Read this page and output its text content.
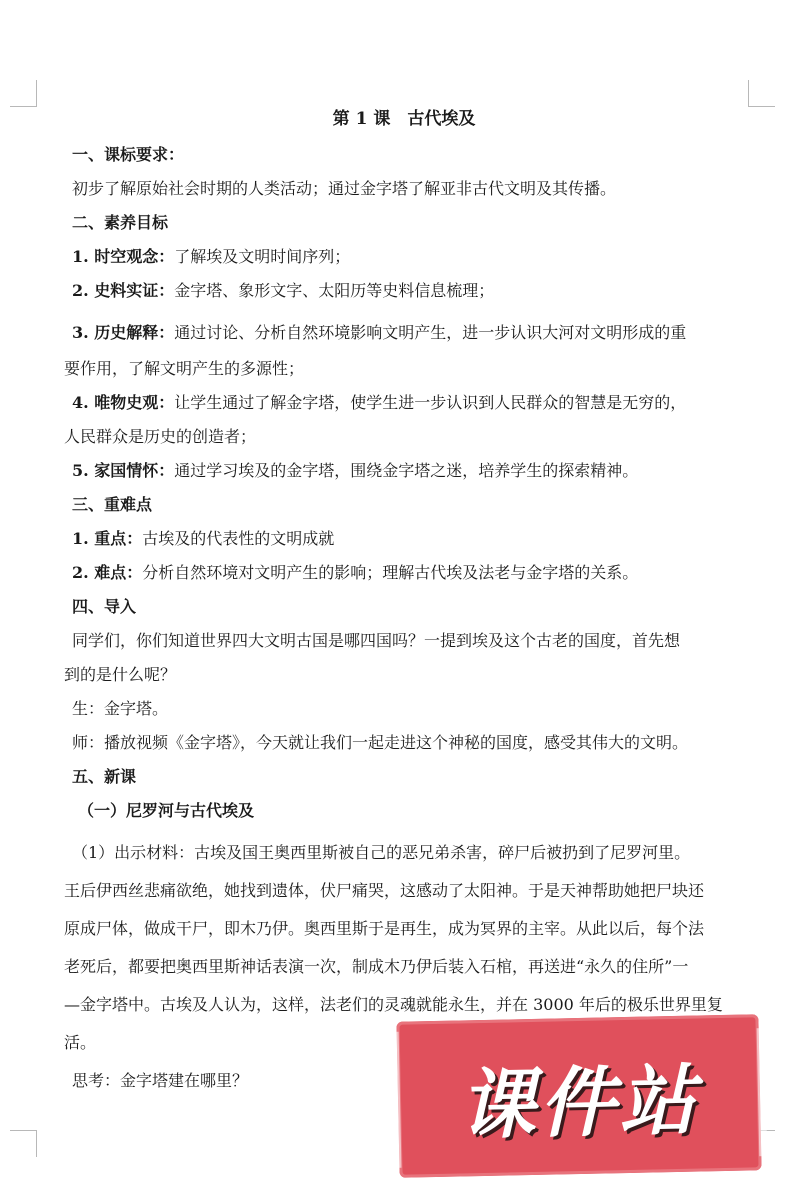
第 1 课　古代埃及
一、课标要求：
初步了解原始社会时期的人类活动；通过金字塔了解亚非古代文明及其传播。
二、素养目标
1. 时空观念：了解埃及文明时间序列；
2. 史料实证：金字塔、象形文字、太阳历等史料信息梳理；
3. 历史解释：通过讨论、分析自然环境影响文明产生，进一步认识大河对文明形成的重
要作用，了解文明产生的多源性；
4. 唯物史观：让学生通过了解金字塔，使学生进一步认识到人民群众的智慧是无穷的，
人民群众是历史的创造者；
5. 家国情怀：通过学习埃及的金字塔，围绕金字塔之迷，培养学生的探索精神。
三、重难点
1. 重点：古埃及的代表性的文明成就
2. 难点：分析自然环境对文明产生的影响；理解古代埃及法老与金字塔的关系。
四、导入
同学们，你们知道世界四大文明古国是哪四国吗？一提到埃及这个古老的国度，首先想
到的是什么呢？
生：金字塔。
师：播放视频《金字塔》，今天就让我们一起走进这个神秘的国度，感受其伟大的文明。
五、新课
（一）尼罗河与古代埃及
（1）出示材料：古埃及国王奥西里斯被自己的恶兄弟杀害，碎尸后被扔到了尼罗河里。
王后伊西丝悲痛欲绝，她找到遗体，伏尸痛哭，这感动了太阳神。于是天神帮助她把尸块还
原成尸体，做成干尸，即木乃伊。奥西里斯于是再生，成为冥界的主宰。从此以后，每个法
老死后，都要把奥西里斯神话表演一次，制成木乃伊后装入石棺，再送进“永久的住所”一
—金字塔中。古埃及人认为，这样，法老们的灵魂就能永生，并在 3000 年后的极乐世界里复
活。
思考：金字塔建在哪里？	课件站
